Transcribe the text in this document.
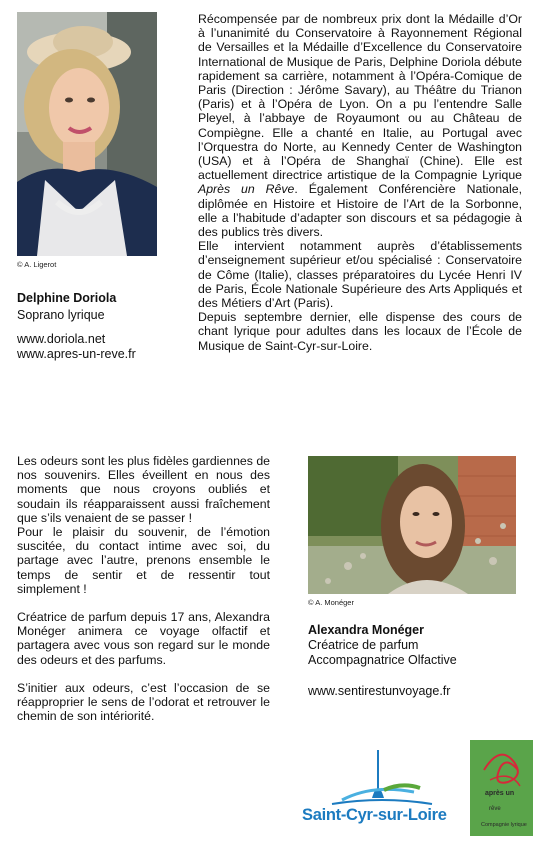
© A. Ligerot
Delphine Doriola
Soprano lyrique
www.doriola.net
www.apres-un-reve.fr

Récompensée par de nombreux prix dont la Médaille d’Or à l’unanimité du Conservatoire à Rayonnement Régional de Versailles et la Médaille d’Excellence du Conservatoire International de Musique de Paris, Delphine Doriola débute rapidement sa carrière, notamment à l’Opéra-Comique de Paris (Direction : Jérôme Savary), au Théâtre du Trianon (Paris) et à l’Opéra de Lyon. On a pu l’entendre Salle Pleyel, à l’abbaye de Royaumont ou au Château de Compiègne. Elle a chanté en Italie, au Portugal avec l’Orquestra do Norte, au Kennedy Center de Washington (USA) et à l’Opéra de Shanghaï (Chine). Elle est actuellement directrice artistique de la Compagnie Lyrique Après un Rêve. Également Conférencière Nationale, diplômée en Histoire et Histoire de l’Art de la Sorbonne, elle a l’habitude d’adapter son discours et sa pédagogie à des publics très divers.

Elle intervient notamment auprès d’établissements d’enseignement supérieur et/ou spécialisé : Conservatoire de Côme (Italie), classes préparatoires du Lycée Henri IV de Paris, École Nationale Supérieure des Arts Appliqués et des Métiers d’Art (Paris).

Depuis septembre dernier, elle dispense des cours de chant lyrique pour adultes dans les locaux de l’École de Musique de Saint-Cyr-sur-Loire.

Les odeurs sont les plus fidèles gardiennes de nos souvenirs. Elles éveillent en nous des moments que nous croyons oubliés et soudain ils réapparaissent aussi fraîchement que s’ils venaient de se passer !

Pour le plaisir du souvenir, de l’émotion suscitée, du contact intime avec soi, du partage avec l’autre, prenons ensemble le temps de sentir et de ressentir tout simplement !

Créatrice de parfum depuis 17 ans, Alexandra Monéger animera ce voyage olfactif et partagera avec vous son regard sur le monde des odeurs et des parfums.

S’initier aux odeurs, c’est l’occasion de se réapproprier le sens de l’odorat et retrouver le chemin de son intériorité.

© A. Monéger
Alexandra Monéger
Créatrice de parfum
Accompagnatrice Olfactive
www.sentirestunvoyage.fr
Saint-Cyr-sur-Loire
après un
rêve
Compagnie lyrique
